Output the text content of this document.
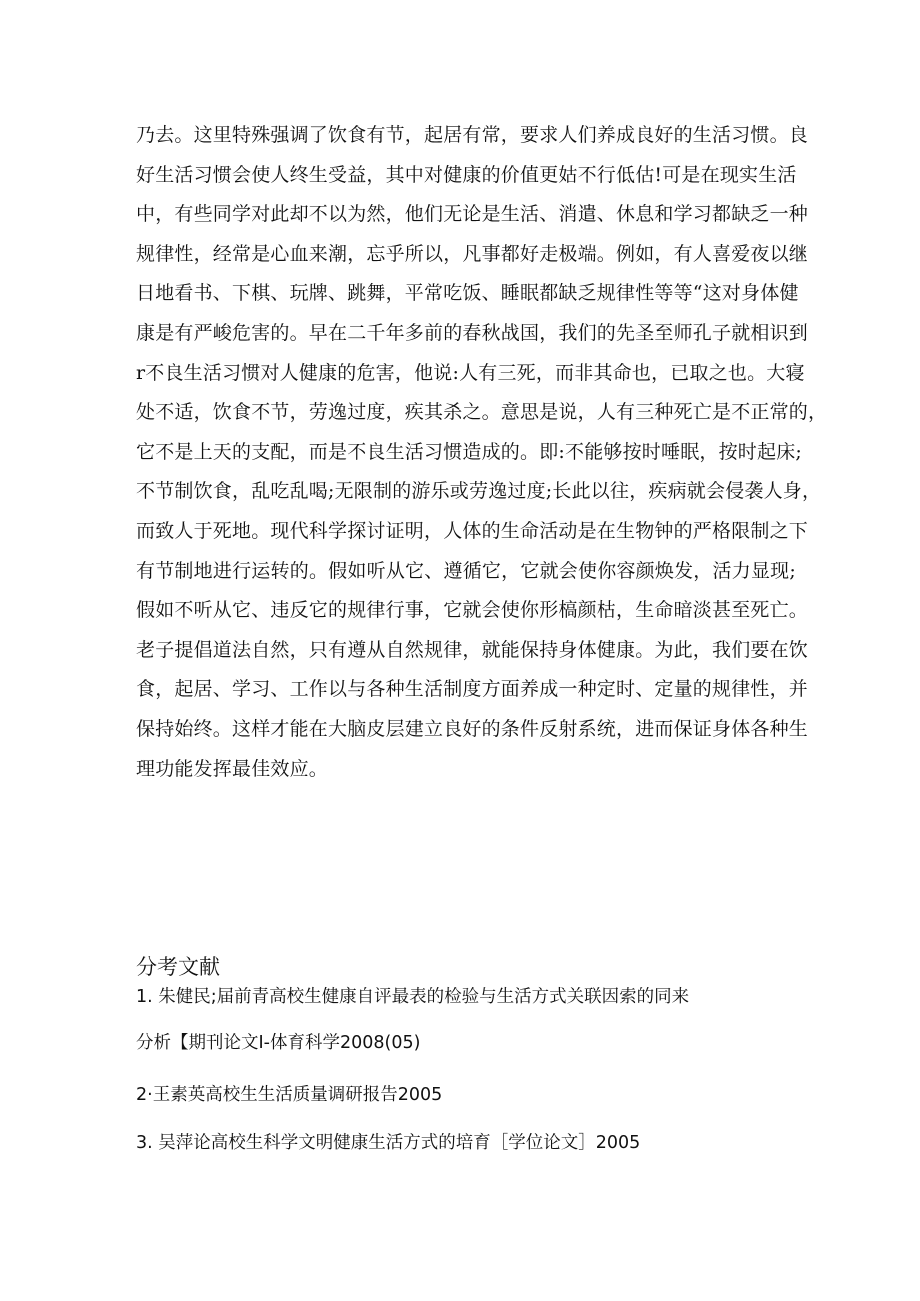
乃去。这里特殊强调了饮食有节，起居有常，要求人们养成良好的生活习惯。良
好生活习惯会使人终生受益，其中对健康的价值更姑不行低估!可是在现实生活
中，有些同学对此却不以为然，他们无论是生活、消遣、休息和学习都缺乏一种
规律性，经常是心血来潮，忘乎所以，凡事都好走极端。例如，有人喜爱夜以继
日地看书、下棋、玩牌、跳舞，平常吃饭、睡眠都缺乏规律性等等“这对身体健
康是有严峻危害的。早在二千年多前的春秋战国，我们的先圣至师孔子就相识到
r不良生活习惯对人健康的危害，他说:人有三死，而非其命也，已取之也。大寝
处不适，饮食不节，劳逸过度，疾其杀之。意思是说，人有三种死亡是不正常的，
它不是上天的支配，而是不良生活习惯造成的。即:不能够按时唾眠，按时起床;
不节制饮食，乱吃乱喝;无限制的游乐或劳逸过度;长此以往，疾病就会侵袭人身，
而致人于死地。现代科学探讨证明，人体的生命活动是在生物钟的严格限制之下
有节制地进行运转的。假如听从它、遵循它，它就会使你容颜焕发，活力显现;
假如不听从它、违反它的规律行事，它就会使你形槁颜枯，生命暗淡甚至死亡。
老子提倡道法自然，只有遵从自然规律，就能保持身体健康。为此，我们要在饮
食，起居、学习、工作以与各种生活制度方面养成一种定时、定量的规律性，并
保持始终。这样才能在大脑皮层建立良好的条件反射系统，进而保证身体各种生
理功能发挥最佳效应。
分考文献
1. 朱健民;届前青高校生健康自评最表的检验与生活方式关联因索的同来
分析【期刊论文I-体育科学2008(05)
2·王素英高校生生活质量调研报告2005
3. 吴萍论高校生科学文明健康生活方式的培育［学位论文］2005
